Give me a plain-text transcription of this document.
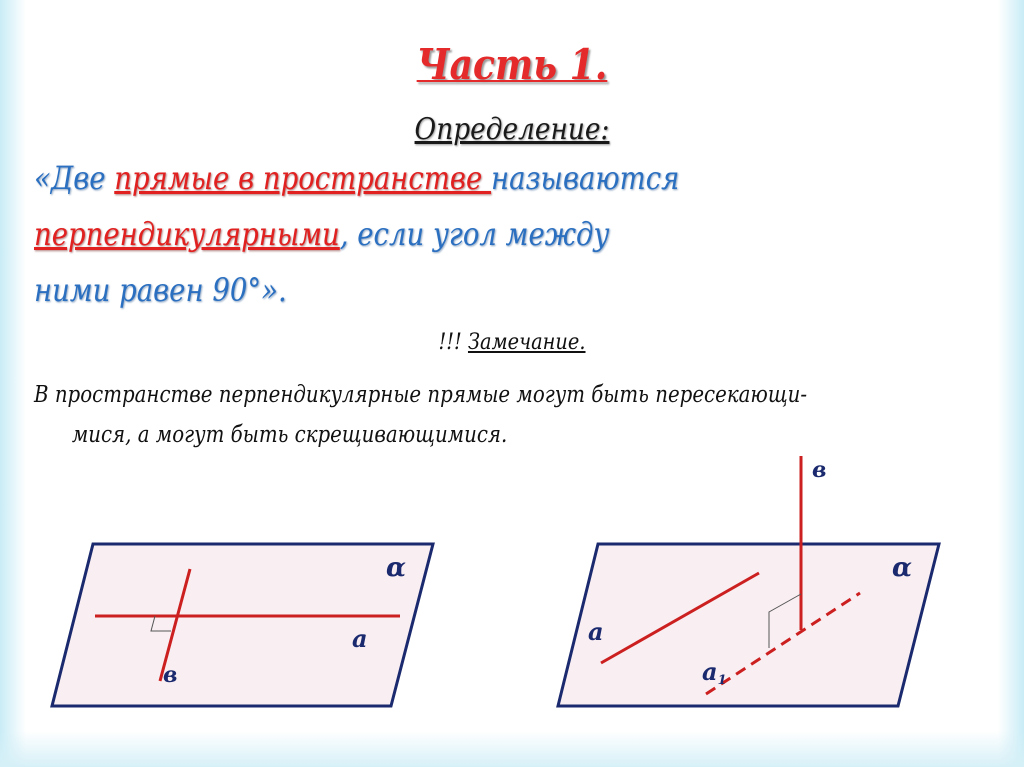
Часть 1.
Определение:
«Две прямые в пространстве называются
перпендикулярными, если угол между ними равен 90°».
!!! Замечание.
В пространстве перпендикулярные прямые могут быть пересекающи-
мися, а могут быть скрещивающимися.
α
а
в
α
а
$а_1$
в
